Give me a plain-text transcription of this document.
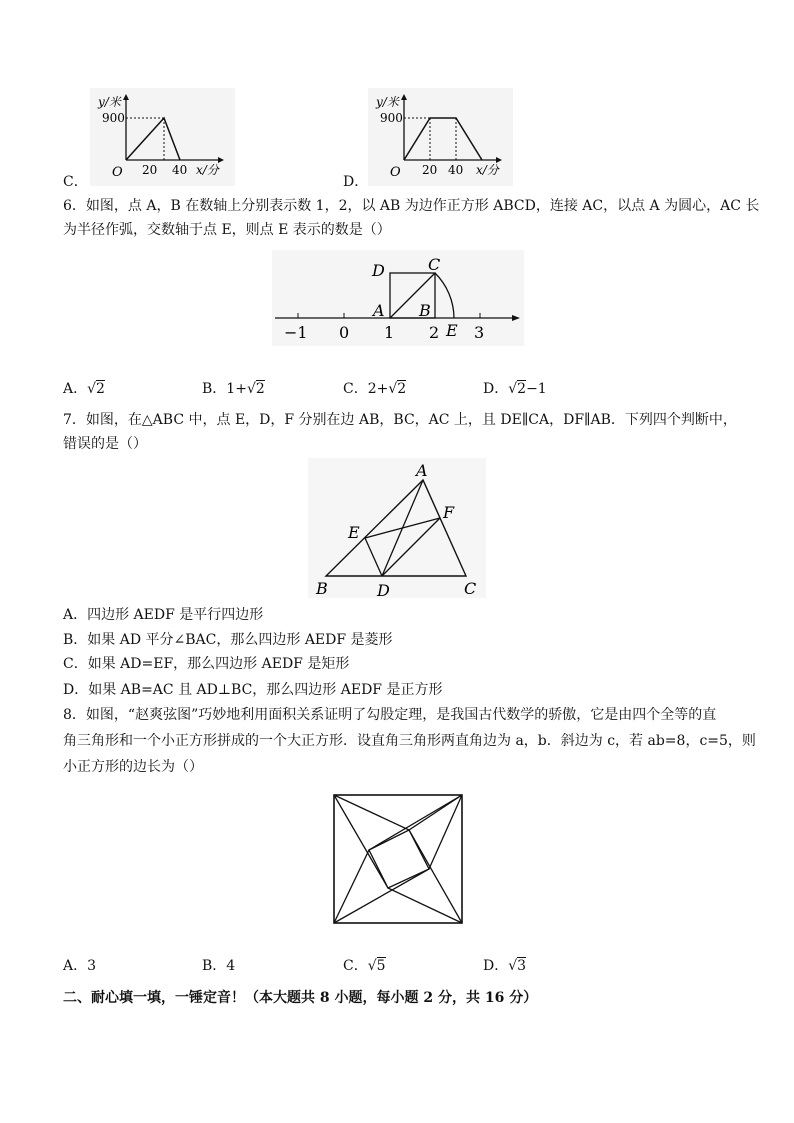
C．
y/米
900
20 40
O	x/分
D．
y/米
900
20 40
O	x/分
6．如图，点 A，B 在数轴上分别表示数 1，2，以 AB 为边作正方形 ABCD，连接 AC，以点 A 为圆心，AC 长
为半径作弧，交数轴于点 E，则点 E 表示的数是（）
D	C
A B
E
−1 0 1 2 3
A．√2	B．1+√2	C．2+√2	D．√2−1
7．如图，在△ABC 中，点 E，D，F 分别在边 AB，BC，AC 上，且 DE∥CA，DF∥AB．下列四个判断中，
错误的是（）
A
E
F
B	D	C
A．四边形 AEDF 是平行四边形
B．如果 AD 平分∠BAC，那么四边形 AEDF 是菱形
C．如果 AD=EF，那么四边形 AEDF 是矩形
D．如果 AB=AC 且 AD⊥BC，那么四边形 AEDF 是正方形
8．如图，“赵爽弦图”巧妙地利用面积关系证明了勾股定理，是我国古代数学的骄傲，它是由四个全等的直
角三角形和一个小正方形拼成的一个大正方形．设直角三角形两直角边为 a，b．斜边为 c，若 ab=8，c=5，则
小正方形的边长为（）
A．3	B．4	C．√5	D．√3
二、耐心填一填，一锤定音！（本大题共 8 小题，每小题 2 分，共 16 分）
